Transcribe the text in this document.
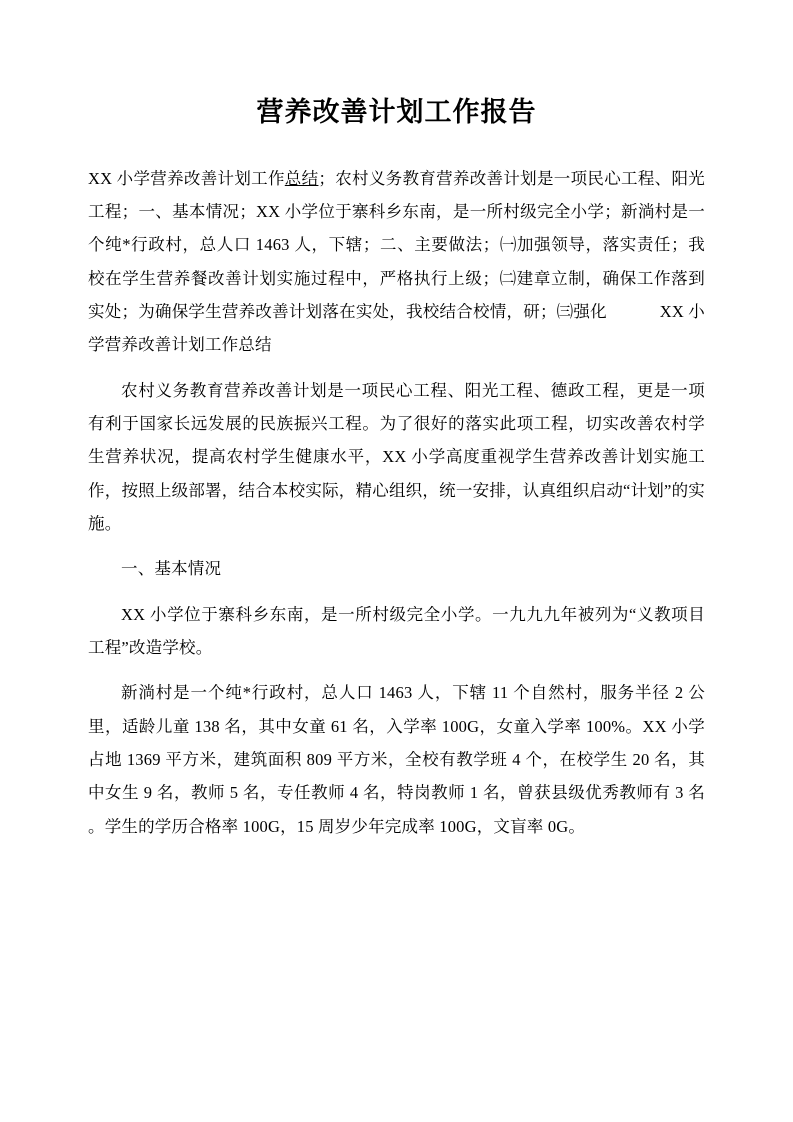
营养改善计划工作报告
XX 小学营养改善计划工作总结；农村义务教育营养改善计划是一项民心工程、阳光工程；一、基本情况；XX 小学位于寨科乡东南，是一所村级完全小学；新淌村是一个纯*行政村，总人口 1463 人，下辖；二、主要做法；㈠加强领导，落实责任；我校在学生营养餐改善计划实施过程中，严格执行上级；㈡建章立制，确保工作落到实处；为确保学生营养改善计划落在实处，我校结合校情，研；㈢强化	XX 小学营养改善计划工作总结
农村义务教育营养改善计划是一项民心工程、阳光工程、德政工程，更是一项有利于国家长远发展的民族振兴工程。为了很好的落实此项工程，切实改善农村学生营养状况，提高农村学生健康水平，XX 小学高度重视学生营养改善计划实施工作，按照上级部署，结合本校实际，精心组织，统一安排，认真组织启动“计划”的实施。
一、基本情况
XX 小学位于寨科乡东南，是一所村级完全小学。一九九九年被列为“义教项目工程”改造学校。
新淌村是一个纯*行政村，总人口 1463 人，下辖 11 个自然村，服务半径 2 公里，适龄儿童 138 名，其中女童 61 名，入学率 100G，女童入学率 100%。XX 小学占地 1369 平方米，建筑面积 809 平方米，全校有教学班 4 个，在校学生 20 名，其中女生 9 名，教师 5 名，专任教师 4 名，特岗教师 1 名，曾获县级优秀教师有 3 名 。学生的学历合格率 100G，15 周岁少年完成率 100G，文盲率 0G。
